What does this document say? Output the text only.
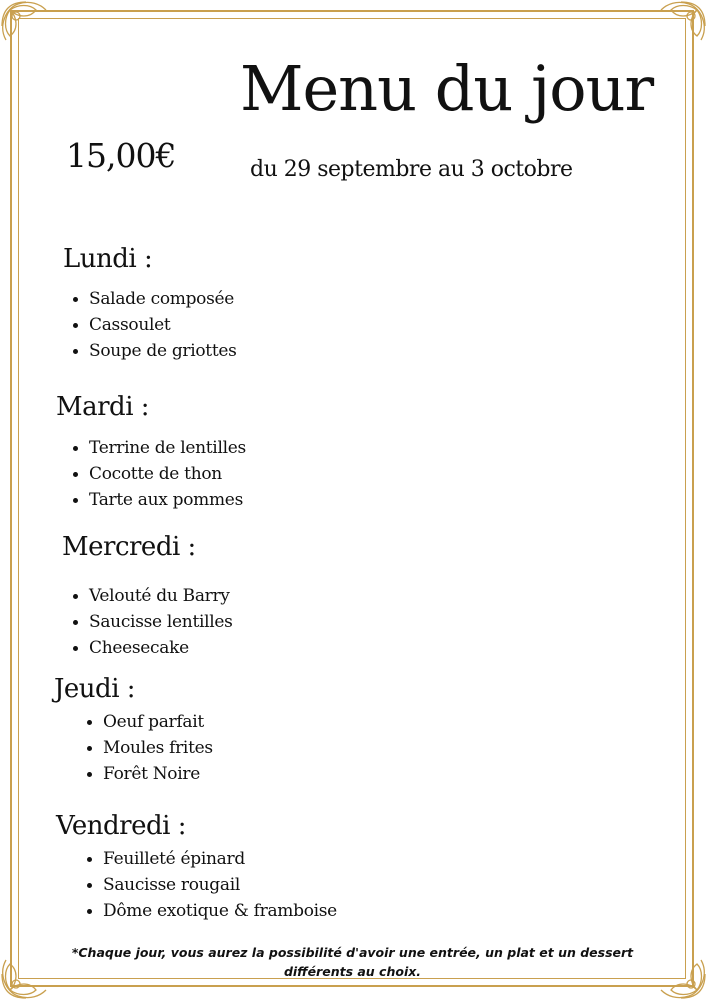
Menu du jour
15,00€	du 29 septembre au 3 octobre
Lundi :
Salade composée
Cassoulet
Soupe de griottes
Mardi :
Terrine de lentilles
Cocotte de thon
Tarte aux pommes
Mercredi :
Velouté du Barry
Saucisse lentilles
Cheesecake
Jeudi :
Oeuf parfait
Moules frites
Forêt Noire
Vendredi :
Feuilleté épinard
Saucisse rougail
Dôme exotique & framboise

*Chaque jour, vous aurez la possibilité d'avoir une entrée, un plat et un dessert différents au choix.
